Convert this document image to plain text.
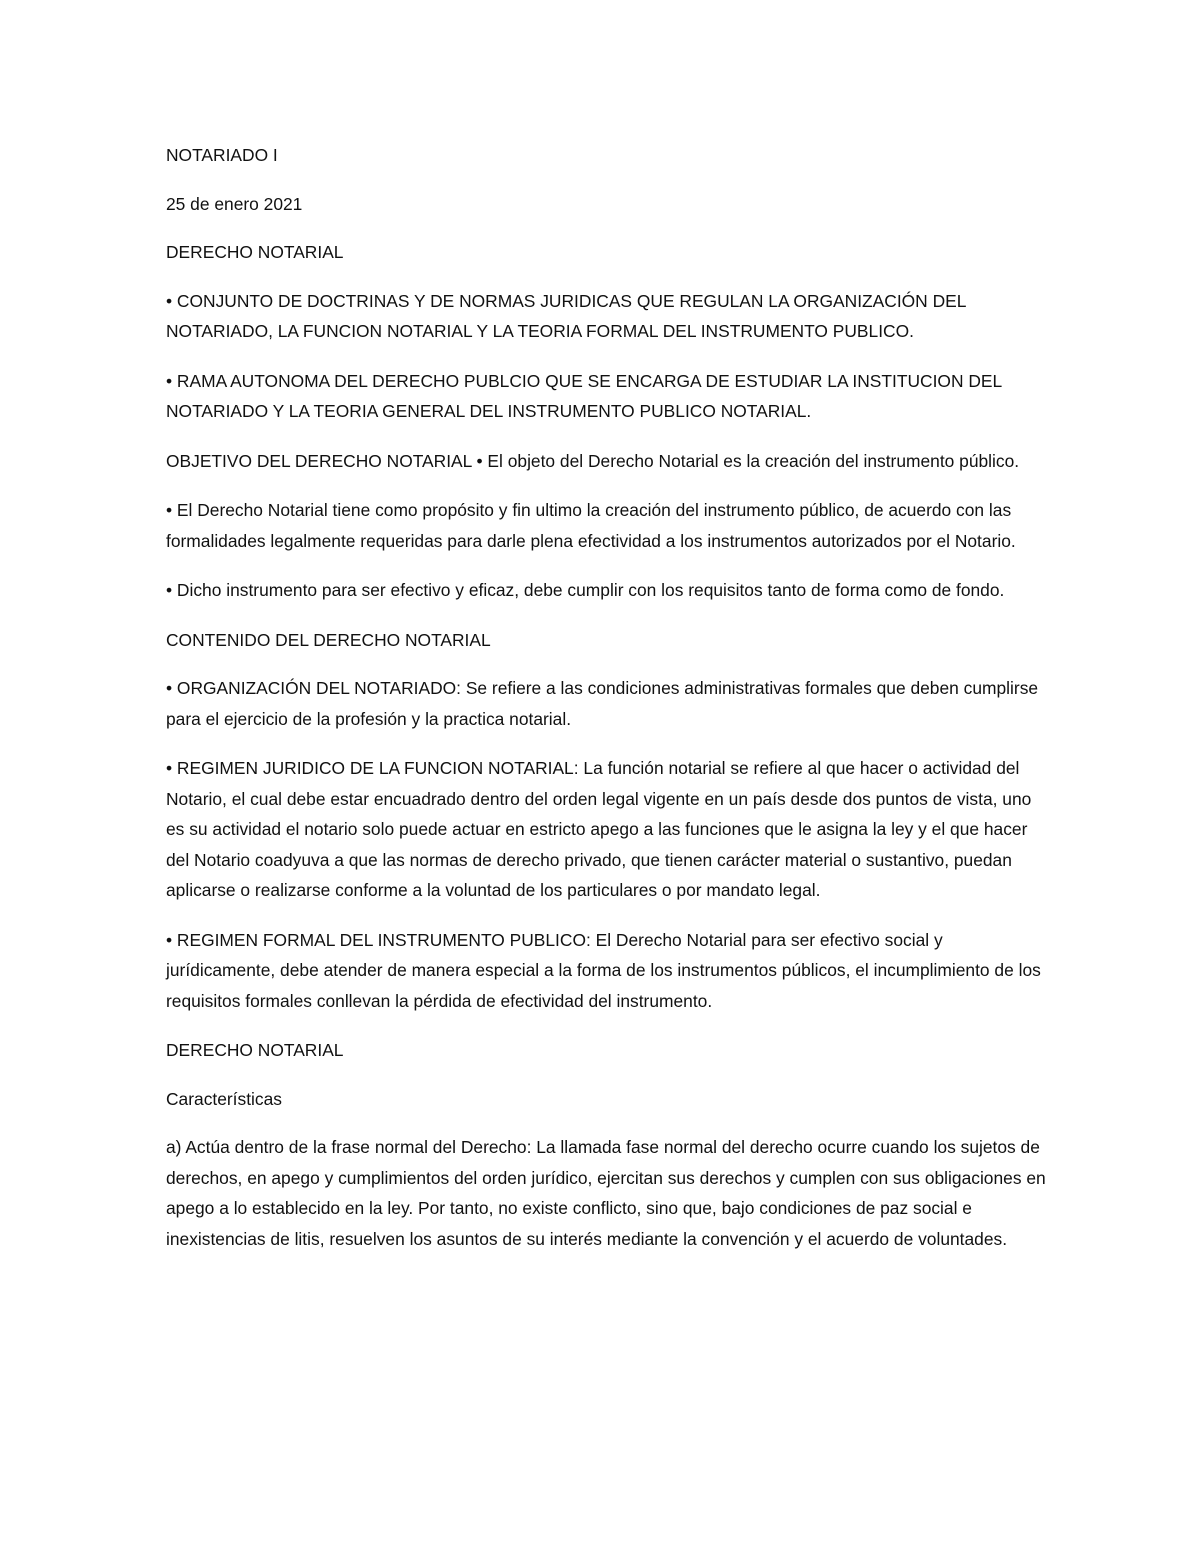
NOTARIADO I

25 de enero 2021

DERECHO NOTARIAL

• CONJUNTO DE DOCTRINAS Y DE NORMAS JURIDICAS QUE REGULAN LA ORGANIZACIÓN DEL NOTARIADO, LA FUNCION NOTARIAL Y LA TEORIA FORMAL DEL INSTRUMENTO PUBLICO.

• RAMA AUTONOMA DEL DERECHO PUBLCIO QUE SE ENCARGA DE ESTUDIAR LA INSTITUCION DEL NOTARIADO Y LA TEORIA GENERAL DEL INSTRUMENTO PUBLICO NOTARIAL.

OBJETIVO DEL DERECHO NOTARIAL • El objeto del Derecho Notarial es la creación del instrumento público.

• El Derecho Notarial tiene como propósito y fin ultimo la creación del instrumento público, de acuerdo con las formalidades legalmente requeridas para darle plena efectividad a los instrumentos autorizados por el Notario.

• Dicho instrumento para ser efectivo y eficaz, debe cumplir con los requisitos tanto de forma como de fondo.

CONTENIDO DEL DERECHO NOTARIAL

• ORGANIZACIÓN DEL NOTARIADO: Se refiere a las condiciones administrativas formales que deben cumplirse para el ejercicio de la profesión y la practica notarial.

• REGIMEN JURIDICO DE LA FUNCION NOTARIAL: La función notarial se refiere al que hacer o actividad del Notario, el cual debe estar encuadrado dentro del orden legal vigente en un país desde dos puntos de vista, uno es su actividad el notario solo puede actuar en estricto apego a las funciones que le asigna la ley y el que hacer del Notario coadyuva a que las normas de derecho privado, que tienen carácter material o sustantivo, puedan aplicarse o realizarse conforme a la voluntad de los particulares o por mandato legal.

• REGIMEN FORMAL DEL INSTRUMENTO PUBLICO: El Derecho Notarial para ser efectivo social y jurídicamente, debe atender de manera especial a la forma de los instrumentos públicos, el incumplimiento de los requisitos formales conllevan la pérdida de efectividad del instrumento.

DERECHO NOTARIAL

Características

a) Actúa dentro de la frase normal del Derecho: La llamada fase normal del derecho ocurre cuando los sujetos de derechos, en apego y cumplimientos del orden jurídico, ejercitan sus derechos y cumplen con sus obligaciones en apego a lo establecido en la ley. Por tanto, no existe conflicto, sino que, bajo condiciones de paz social e inexistencias de litis, resuelven los asuntos de su interés mediante la convención y el acuerdo de voluntades.
